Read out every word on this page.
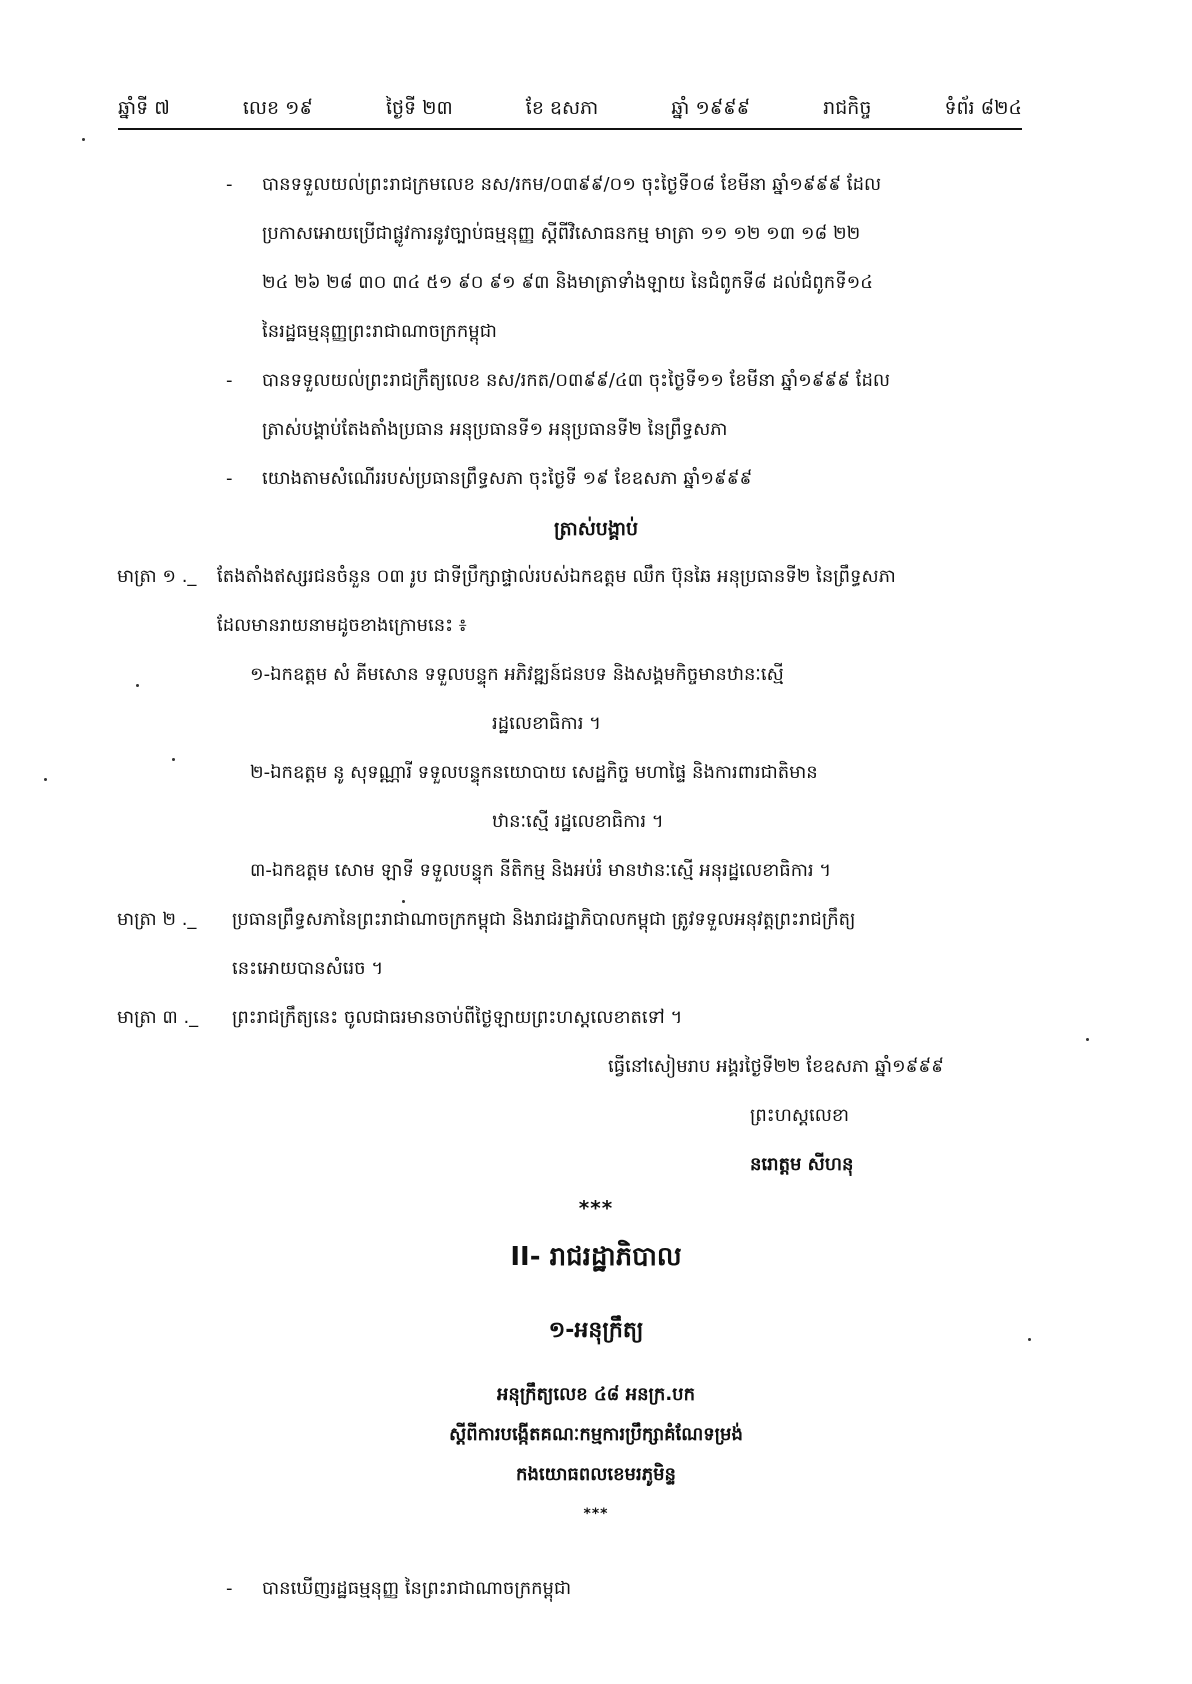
ឆ្នាំទី ៧	លេខ ១៩	ថ្ងៃទី ២៣	ខែ ឧសភា	ឆ្នាំ ១៩៩៩	រាជកិច្ច	ទំព័រ ៨២៤
- បានទទួលយល់ព្រះរាជក្រមលេខ នស/រកម/០៣៩៩/០១ ចុះថ្ងៃទី០៨ ខែមីនា ឆ្នាំ១៩៩៩ ដែល
ប្រកាសអោយប្រើជាផ្លូវការនូវច្បាប់ធម្មនុញ្ញ ស្តីពីវិសោធនកម្ម មាត្រា ១១ ១២ ១៣ ១៨ ២២
២៤ ២៦ ២៨ ៣០ ៣៤ ៥១ ៩០ ៩១ ៩៣ និងមាត្រាទាំងឡាយ នៃជំពូកទី៨ ដល់ជំពូកទី១៤
នៃរដ្ឋធម្មនុញ្ញព្រះរាជាណាចក្រកម្ពុជា
- បានទទួលយល់ព្រះរាជក្រឹត្យលេខ នស/រកត/០៣៩៩/៤៣ ចុះថ្ងៃទី១១ ខែមីនា ឆ្នាំ១៩៩៩ ដែល
ត្រាស់បង្គាប់តែងតាំងប្រធាន អនុប្រធានទី១ អនុប្រធានទី២ នៃព្រឹទ្ធសភា
- យោងតាមសំណើររបស់ប្រធានព្រឹទ្ធសភា ចុះថ្ងៃទី ១៩ ខែឧសភា ឆ្នាំ១៩៩៩
ត្រាស់បង្គាប់
មាត្រា ១ ._ តែងតាំងឥស្សរជនចំនួន ០៣ រូប ជាទីប្រឹក្សាផ្ទាល់របស់ឯកឧត្តម ឈឹក ប៊ុនឆៃ អនុប្រធានទី២ នៃព្រឹទ្ធសភា
ដែលមានរាយនាមដូចខាងក្រោមនេះ ៖
១-ឯកឧត្តម សំ គីមសោន ទទួលបន្ទុក អភិវឌ្ឍន៍ជនបទ និងសង្គមកិច្ចមានឋានៈស្មើ
រដ្ឋលេខាធិការ ។
២-ឯកឧត្តម នូ សុទណ្ណារី ទទួលបន្ទុកនយោបាយ សេដ្ឋកិច្ច មហាផ្ទៃ និងការពារជាតិមាន
ឋានៈស្មើ រដ្ឋលេខាធិការ ។
៣-ឯកឧត្តម សោម ឡាទី ទទួលបន្ទុក នីតិកម្ម និងអប់រំ មានឋានៈស្មើ អនុរដ្ឋលេខាធិការ ។
មាត្រា ២ ._ ប្រធានព្រឹទ្ធសភានៃព្រះរាជាណាចក្រកម្ពុជា និងរាជរដ្ឋាភិបាលកម្ពុជា ត្រូវទទួលអនុវត្តព្រះរាជក្រឹត្យ
នេះអោយបានសំរេច ។
មាត្រា ៣ ._ ព្រះរាជក្រឹត្យនេះ ចូលជាធរមានចាប់ពីថ្ងៃឡាយព្រះហស្តលេខាតទៅ ។
ធ្វើនៅសៀមរាប អង្គរថ្ងៃទី២២ ខែឧសភា ឆ្នាំ១៩៩៩
ព្រះហស្តលេខា
នរោត្តម សីហនុ
***
II- រាជរដ្ឋាភិបាល
១-អនុក្រឹត្យ
អនុក្រឹត្យលេខ ៤៨ អនក្រ.បក
ស្តីពីការបង្កើតគណៈកម្មការប្រឹក្សាគំណែទម្រង់
កងយោធពលខេមរភូមិន្ទ
***
- បានឃើញរដ្ឋធម្មនុញ្ញ នៃព្រះរាជាណាចក្រកម្ពុជា
